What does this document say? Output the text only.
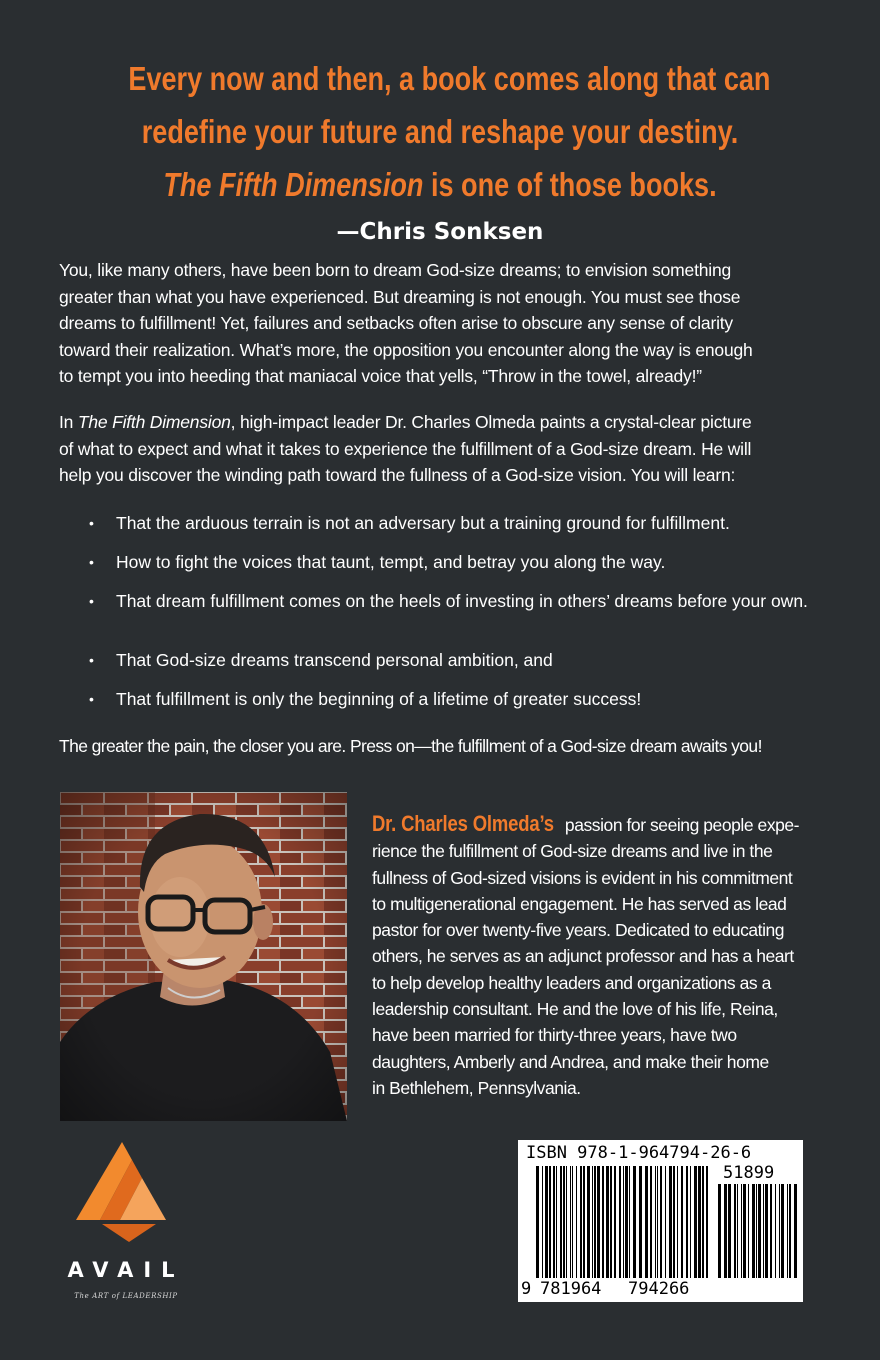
Every now and then, a book comes along that can
redefine your future and reshape your destiny.
The Fifth Dimension is one of those books.
—Chris Sonksen
You, like many others, have been born to dream God-size dreams; to envision something
greater than what you have experienced. But dreaming is not enough. You must see those
dreams to fulfillment! Yet, failures and setbacks often arise to obscure any sense of clarity
toward their realization. What’s more, the opposition you encounter along the way is enough
to tempt you into heeding that maniacal voice that yells, “Throw in the towel, already!”
In The Fifth Dimension, high-impact leader Dr. Charles Olmeda paints a crystal-clear picture
of what to expect and what it takes to experience the fulfillment of a God-size dream. He will
help you discover the winding path toward the fullness of a God-size vision. You will learn:
• That the arduous terrain is not an adversary but a training ground for fulfillment.
• How to fight the voices that taunt, tempt, and betray you along the way.
• That dream fulfillment comes on the heels of investing in others’ dreams before your own.
• That God-size dreams transcend personal ambition, and
• That fulfillment is only the beginning of a lifetime of greater success!
The greater the pain, the closer you are. Press on—the fulfillment of a God-size dream awaits you!
Dr. Charles Olmeda’s passion for seeing people expe-
rience the fulfillment of God-size dreams and live in the
fullness of God-sized visions is evident in his commitment
to multigenerational engagement. He has served as lead
pastor for over twenty-five years. Dedicated to educating
others, he serves as an adjunct professor and has a heart
to help develop healthy leaders and organizations as a
leadership consultant. He and the love of his life, Reina,
have been married for thirty-three years, have two
daughters, Amberly and Andrea, and make their home
in Bethlehem, Pennsylvania.
AVAIL
The ART of LEADERSHIP
ISBN 978-1-964794-26-6
51899
9 781964 794266
